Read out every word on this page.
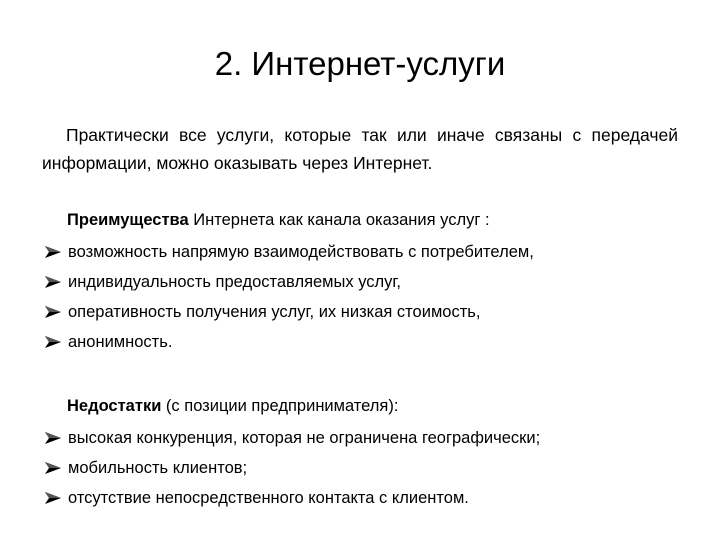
2. Интернет-услуги
Практически все услуги, которые так или иначе связаны с передачей информации, можно оказывать через Интернет.
Преимущества Интернета как канала оказания услуг :
возможность напрямую взаимодействовать с потребителем,
индивидуальность предоставляемых услуг,
оперативность получения услуг, их низкая стоимость,
анонимность.
Недостатки (с позиции предпринимателя):
высокая конкуренция, которая не ограничена географически;
мобильность клиентов;
отсутствие непосредственного контакта с клиентом.
